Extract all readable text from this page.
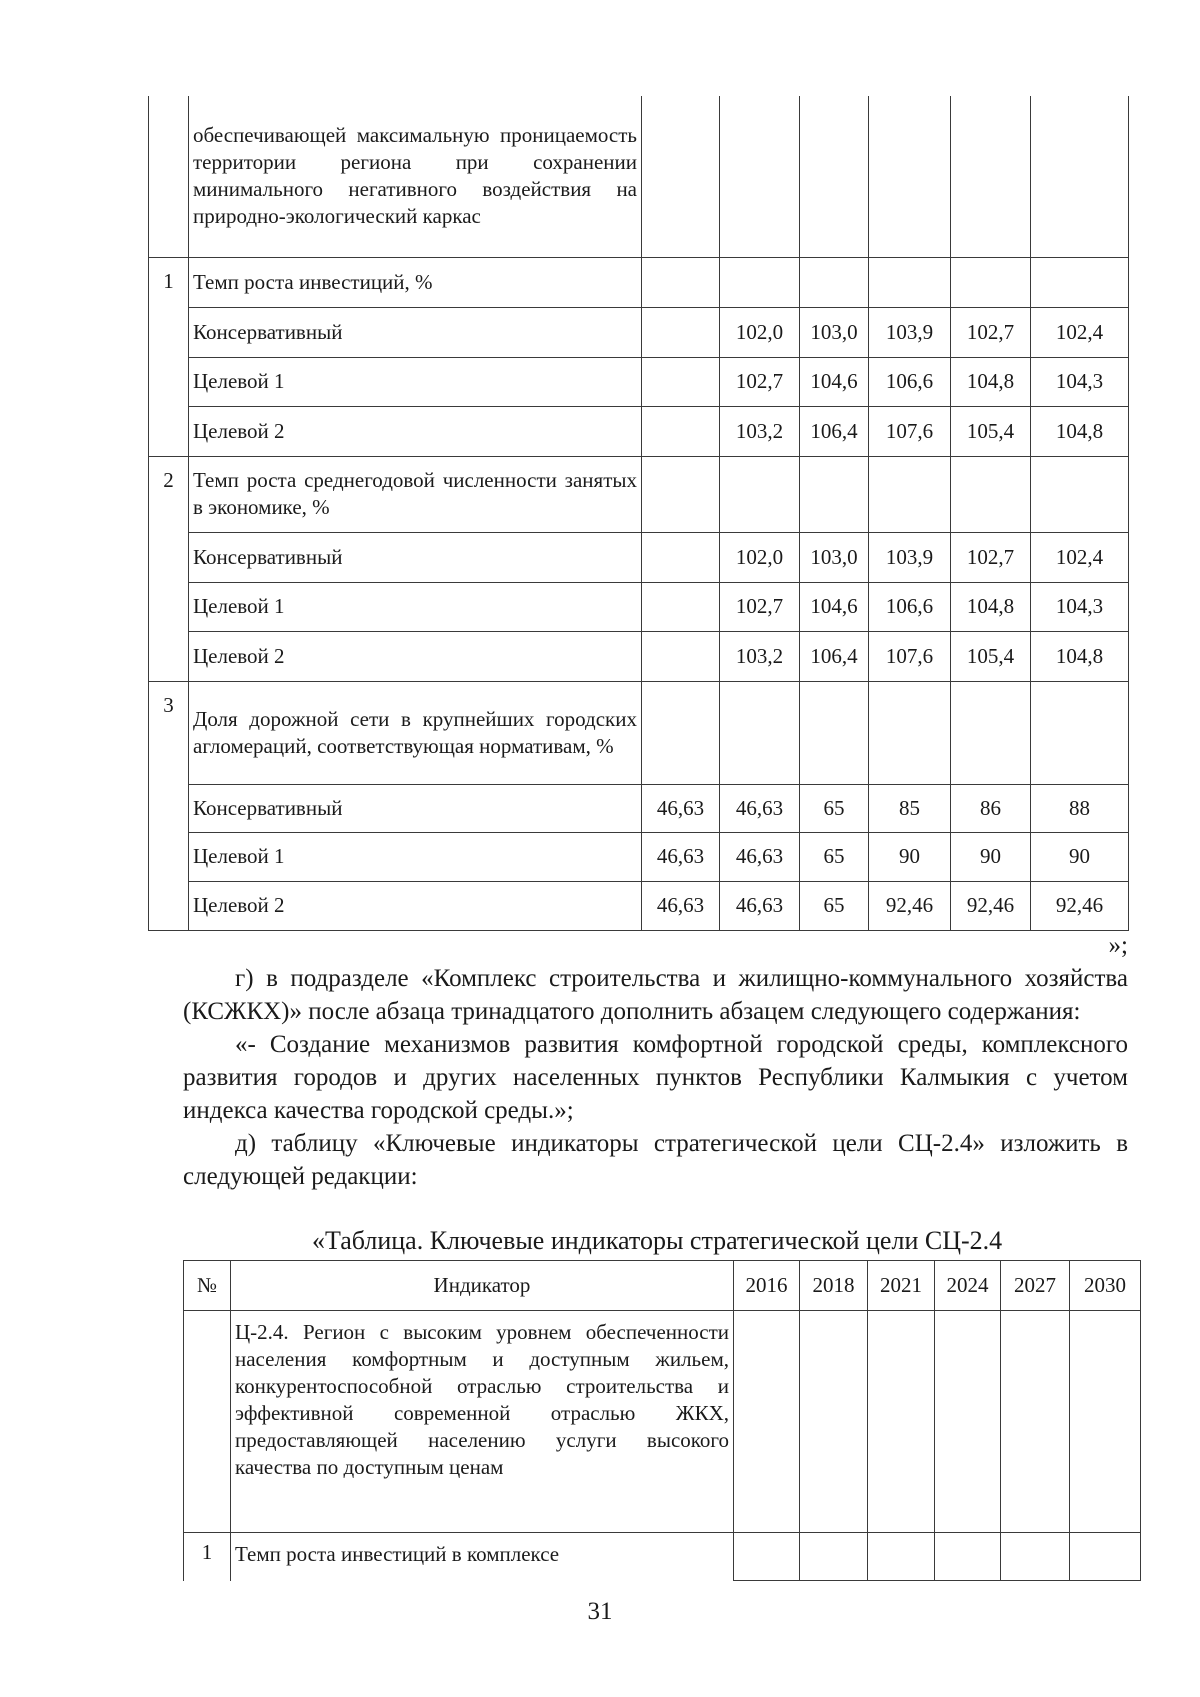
	обеспечивающей максимальную проницаемость территории региона при сохранении минимального негативного воздействия на природно-экологический каркас						
1	Темп роста инвестиций, %						
	Консервативный		102,0	103,0	103,9	102,7	102,4
	Целевой 1		102,7	104,6	106,6	104,8	104,3
	Целевой 2		103,2	106,4	107,6	105,4	104,8
2	Темп роста среднегодовой численности занятых в экономике, %						
	Консервативный		102,0	103,0	103,9	102,7	102,4
	Целевой 1		102,7	104,6	106,6	104,8	104,3
	Целевой 2		103,2	106,4	107,6	105,4	104,8
3	Доля дорожной сети в крупнейших городских агломераций, соответствующая нормативам, %						
	Консервативный	46,63	46,63	65	85	86	88
	Целевой 1	46,63	46,63	65	90	90	90
	Целевой 2	46,63	46,63	65	92,46	92,46	92,46
»;

г) в подразделе «Комплекс строительства и жилищно-коммунального хозяйства (КСЖКХ)» после абзаца тринадцатого дополнить абзацем следующего содержания:

«- Создание механизмов развития комфортной городской среды, комплексного развития городов и других населенных пунктов Республики Калмыкия с учетом индекса качества городской среды.»;

д) таблицу «Ключевые индикаторы стратегической цели СЦ-2.4» изложить в следующей редакции:

«Таблица. Ключевые индикаторы стратегической цели СЦ-2.4
№	Индикатор	2016	2018	2021	2024	2027	2030
	Ц-2.4. Регион с высоким уровнем обеспеченности населения комфортным и доступным жильем, конкурентоспособной отраслью строительства и эффективной современной отраслью ЖКХ, предоставляющей населению услуги высокого качества по доступным ценам						
1	Темп роста инвестиций в комплексе						
31
